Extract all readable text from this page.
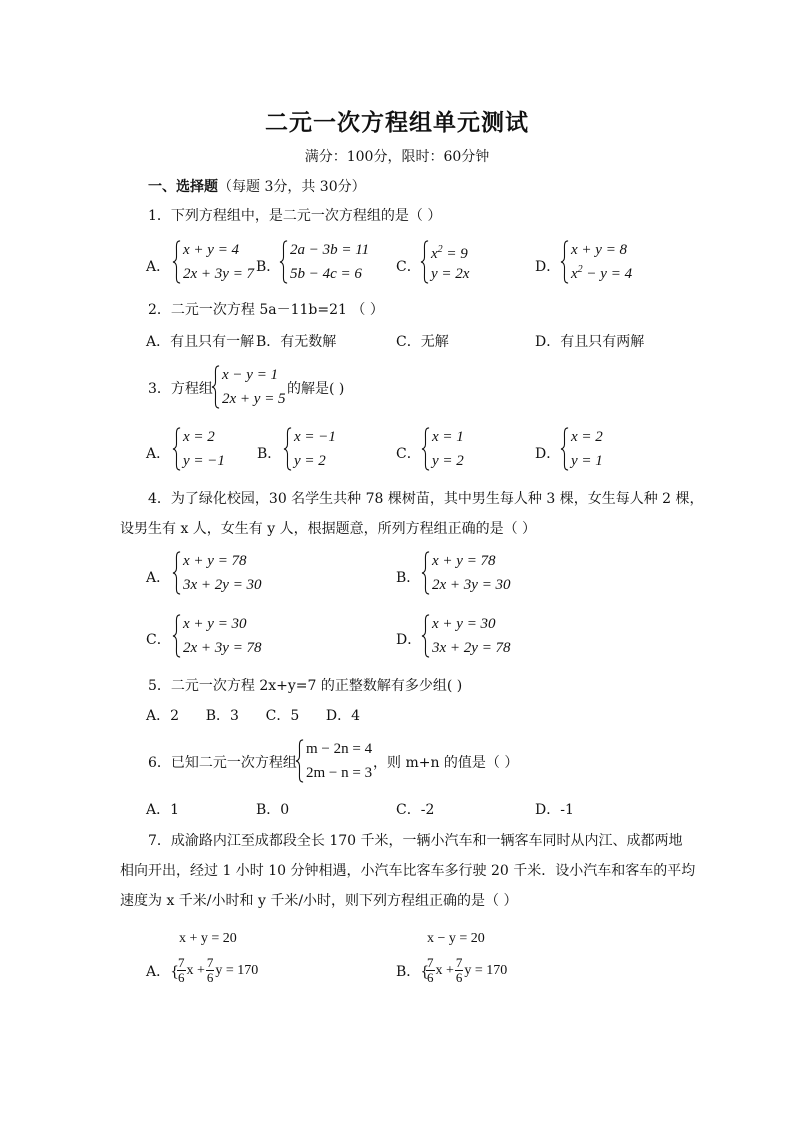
二元一次方程组单元测试
满分：100分，限时：60分钟
一、选择题（每题 3分，共 30分）
1．下列方程组中，是二元一次方程组的是（ ）
A．
x + y = 4
2x + 3y = 7 B．
2a − 3b = 11
5b − 4c = 6	C．
$x^2 = 9$
y = 2x	D．
x + y = 8
$x^2 - y = 4$
2．二元一次方程 5a－11b=21 （ ）
A．有且只有一解 B．有无数解	C．无解	D．有且只有两解
3．方程组
x − y = 1
2x + y = 5
的解是( )
A．
x = 2
y = −1 B．
x = −1
y = 2	C．
x = 1
y = 2	D．
x = 2
y = 1
4．为了绿化校园，30 名学生共种 78 棵树苗，其中男生每人种 3 棵，女生每人种 2 棵，
设男生有 x 人，女生有 y 人，根据题意，所列方程组正确的是（ ）
A．
x + y = 78
3x + 2y = 30	B．
x + y = 78
2x + 3y = 30
C．
x + y = 30
2x + 3y = 78	D．
x + y = 30
3x + 2y = 78
5．二元一次方程 2x+y=7 的正整数解有多少组( )
A．2      B．3      C．5      D．4
6．已知二元一次方程组
m − 2n = 4
2m − n = 3
，则 m+n 的值是（ ）
A．1	B．0	C．-2	D．-1
7．成渝路内江至成都段全长 170 千米，一辆小汽车和一辆客车同时从内江、成都两地
相向开出，经过 1 小时 10 分钟相遇，小汽车比客车多行驶 20 千米．设小汽车和客车的平均
速度为 x 千米/小时和 y 千米/小时，则下列方程组正确的是（ ）
x + y = 20
A．{
$\frac{7}{6}$ $x + \frac{7}{6}$ y = 170
x − y = 20
B．{
$\frac{7}{6}$ $x + \frac{7}{6}$ y = 170
